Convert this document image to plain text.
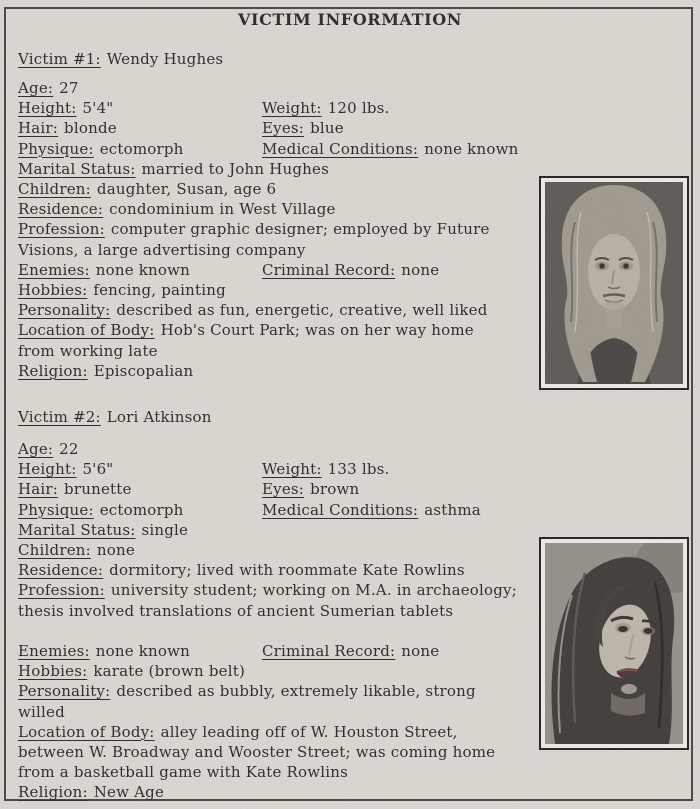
VICTIM INFORMATION
Victim #1: Wendy Hughes
Age: 27
Height: 5'4"	Weight: 120 lbs.
Hair: blonde	Eyes: blue
Physique: ectomorph	Medical Conditions: none known
Marital Status: married to John Hughes
Children: daughter, Susan, age 6
Residence: condominium in West Village
Profession: computer graphic designer; employed by Future Visions, a large advertising company
Enemies: none known	Criminal Record: none
Hobbies: fencing, painting
Personality: described as fun, energetic, creative, well liked
Location of Body: Hob's Court Park; was on her way home from working late
Religion: Episcopalian
Victim #2: Lori Atkinson
Age: 22
Height: 5'6"	Weight: 133 lbs.
Hair: brunette	Eyes: brown
Physique: ectomorph	Medical Conditions: asthma
Marital Status: single
Children: none
Residence: dormitory; lived with roommate Kate Rowlins
Profession: university student; working on M.A. in archaeology; thesis involved translations of ancient Sumerian tablets
Enemies: none known	Criminal Record: none
Hobbies: karate (brown belt)
Personality: described as bubbly, extremely likable, strong willed
Location of Body: alley leading off of W. Houston Street, between W. Broadway and Wooster Street; was coming home from a basketball game with Kate Rowlins
Religion: New Age
